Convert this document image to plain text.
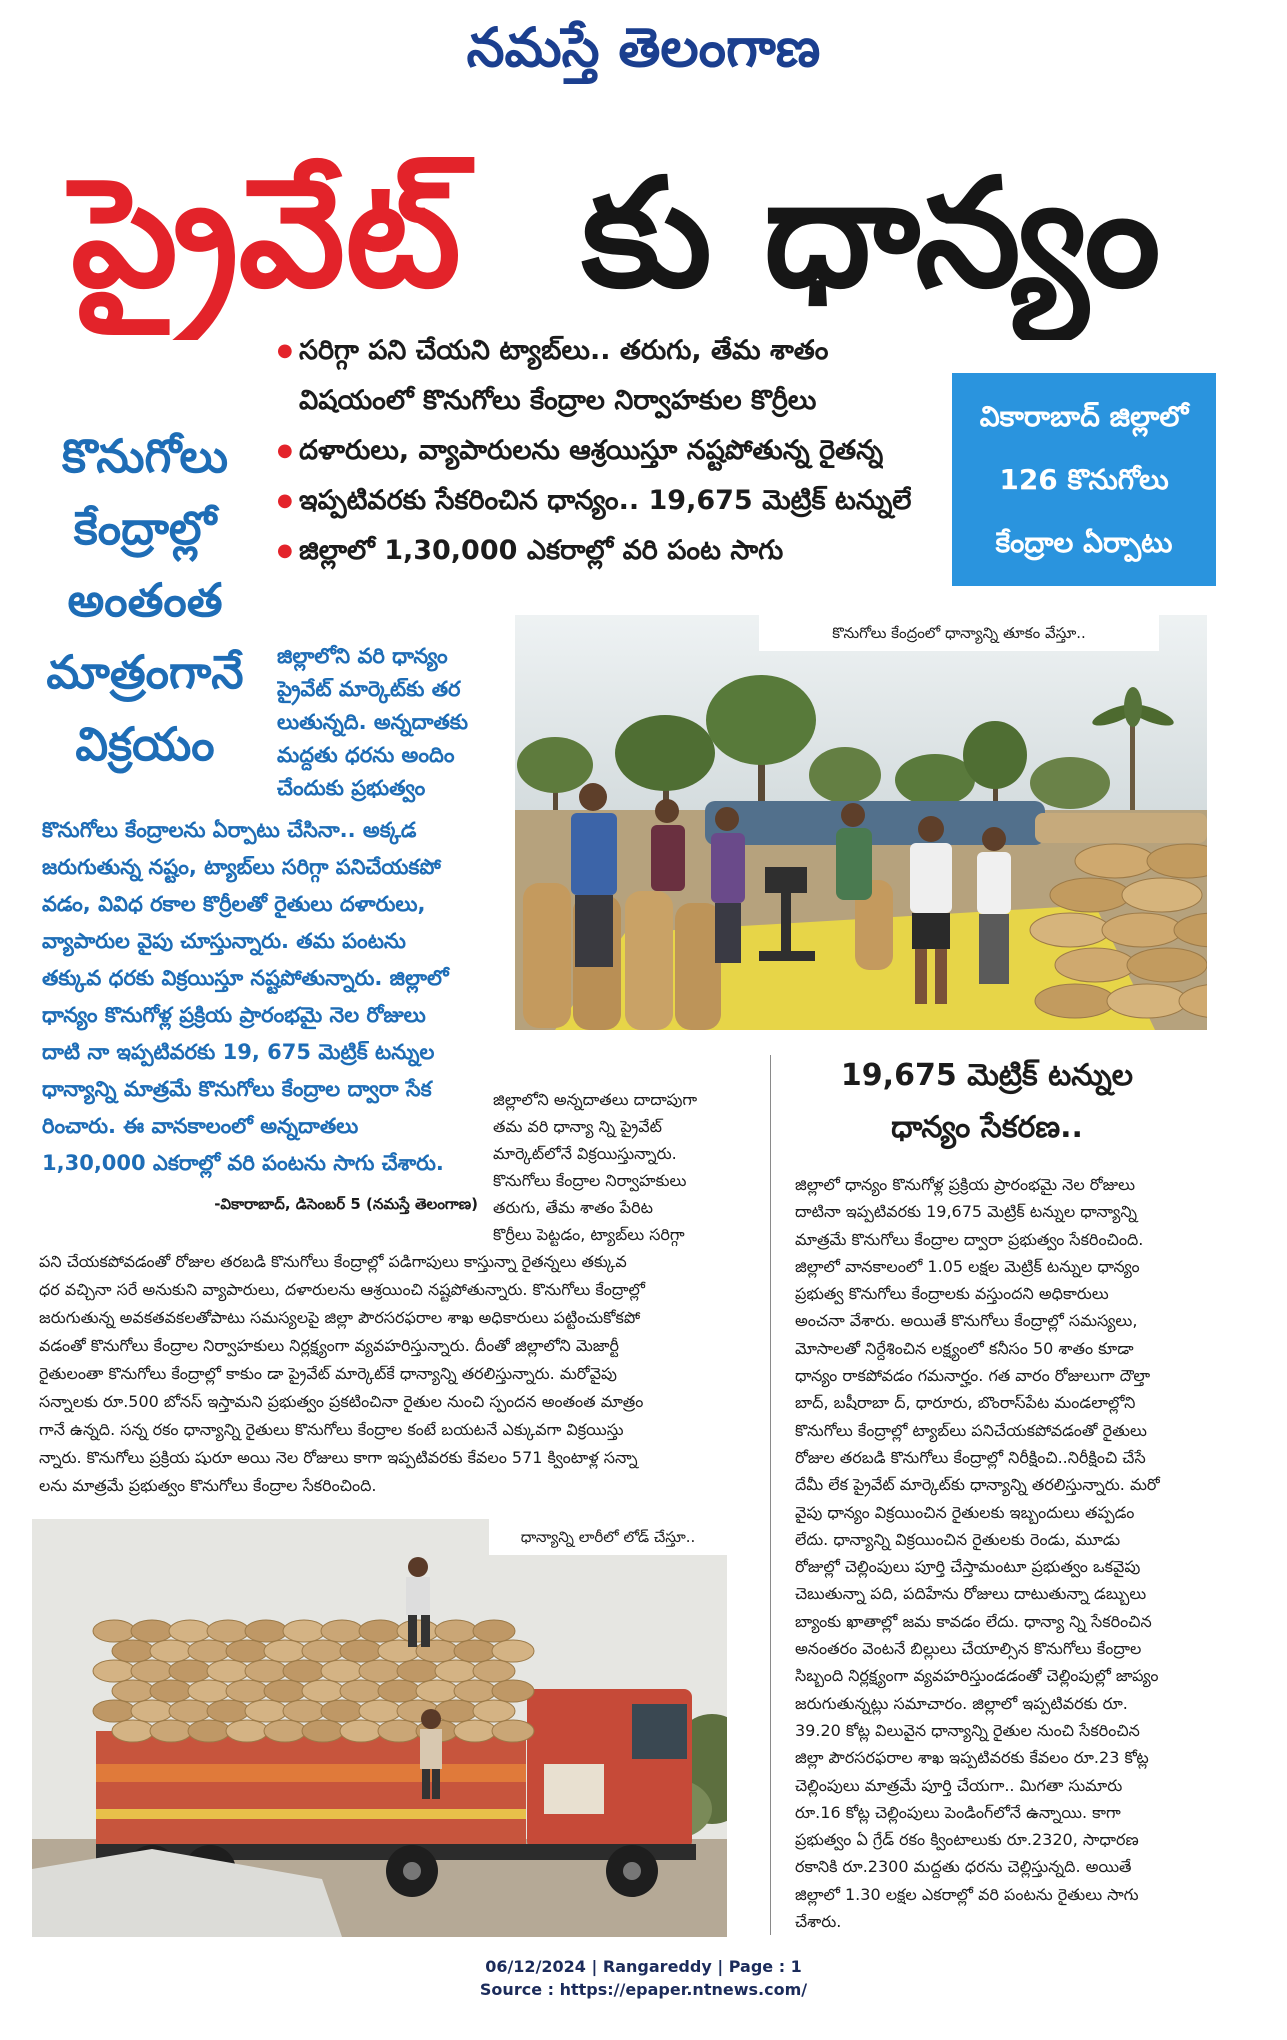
నమస్తే తెలంగాణ
ప్రైవేట్ కు ధాన్యం
● సరిగ్గా పని చేయని ట్యాబ్‌లు.. తరుగు, తేమ శాతం
విషయంలో కొనుగోలు కేంద్రాల నిర్వాహకుల కొర్రీలు
● దళారులు, వ్యాపారులను ఆశ్రయిస్తూ నష్టపోతున్న రైతన్న
● ఇప్పటివరకు సేకరించిన ధాన్యం.. 19,675 మెట్రిక్ టన్నులే
● జిల్లాలో 1,30,000 ఎకరాల్లో వరి పంట సాగు
వికారాబాద్ జిల్లాలో
126 కొనుగోలు
కేంద్రాల ఏర్పాటు
కొనుగోలు
కేంద్రాల్లో
అంతంత
మాత్రంగానే
విక్రయం
జిల్లాలోని వరి ధాన్యం
ప్రైవేట్ మార్కెట్‌కు తర
లుతున్నది. అన్నదాతకు
మద్దతు ధరను అందిం
చేందుకు ప్రభుత్వం
కొనుగోలు కేంద్రాలను ఏర్పాటు చేసినా.. అక్కడ
జరుగుతున్న నష్టం, ట్యాబ్‌లు సరిగ్గా పనిచేయకపో
వడం, వివిధ రకాల కొర్రీలతో రైతులు దళారులు,
వ్యాపారుల వైపు చూస్తున్నారు. తమ పంటను
తక్కువ ధరకు విక్రయిస్తూ నష్టపోతున్నారు. జిల్లాలో
ధాన్యం కొనుగోళ్ల ప్రక్రియ ప్రారంభమై నెల రోజులు
దాటి నా ఇప్పటివరకు 19, 675 మెట్రిక్ టన్నుల
ధాన్యాన్ని మాత్రమే కొనుగోలు కేంద్రాల ద్వారా సేక
రించారు. ఈ వానకాలంలో అన్నదాతలు
1,30,000 ఎకరాల్లో వరి పంటను సాగు చేశారు.
-వికారాబాద్, డిసెంబర్ 5 (నమస్తే తెలంగాణ)
కొనుగోలు కేంద్రంలో ధాన్యాన్ని తూకం వేస్తూ..
19,675 మెట్రిక్ టన్నుల
ధాన్యం సేకరణ..
జిల్లాలోని అన్నదాతలు దాదాపుగా
తమ వరి ధాన్యా న్ని ప్రైవేట్
మార్కెట్‌లోనే విక్రయిస్తున్నారు.
కొనుగోలు కేంద్రాల నిర్వాహకులు
తరుగు, తేమ శాతం పేరిట
కొర్రీలు పెట్టడం, ట్యాబ్‌లు సరిగ్గా
పని చేయకపోవడంతో రోజుల తరబడి కొనుగోలు కేంద్రాల్లో పడిగాపులు కాస్తున్నా రైతన్నలు తక్కువ
ధర వచ్చినా సరే అనుకుని వ్యాపారులు, దళారులను ఆశ్రయించి నష్టపోతున్నారు. కొనుగోలు కేంద్రాల్లో
జరుగుతున్న అవకతవకలతోపాటు సమస్యలపై జిల్లా పౌరసరఫరాల శాఖ అధికారులు పట్టించుకోకపో
వడంతో కొనుగోలు కేంద్రాల నిర్వాహకులు నిర్లక్ష్యంగా వ్యవహరిస్తున్నారు. దీంతో జిల్లాలోని మెజార్టీ
రైతులంతా కొనుగోలు కేంద్రాల్లో కాకుం డా ప్రైవేట్ మార్కెట్‌కే ధాన్యాన్ని తరలిస్తున్నారు. మరోవైపు
సన్నాలకు రూ.500 బోనస్ ఇస్తామని ప్రభుత్వం ప్రకటించినా రైతుల నుంచి స్పందన అంతంత మాత్రం
గానే ఉన్నది. సన్న రకం ధాన్యాన్ని రైతులు కొనుగోలు కేంద్రాల కంటే బయటనే ఎక్కువగా విక్రయిస్తు
న్నారు. కొనుగోలు ప్రక్రియ షురూ అయి నెల రోజులు కాగా ఇప్పటివరకు కేవలం 571 క్వింటాళ్ల సన్నా
లను మాత్రమే ప్రభుత్వం కొనుగోలు కేంద్రాల సేకరించింది.
ధాన్యాన్ని లారీలో లోడ్ చేస్తూ..
జిల్లాలో ధాన్యం కొనుగోళ్ల ప్రక్రియ ప్రారంభమై నెల రోజులు
దాటినా ఇప్పటివరకు 19,675 మెట్రిక్ టన్నుల ధాన్యాన్ని
మాత్రమే కొనుగోలు కేంద్రాల ద్వారా ప్రభుత్వం సేకరించింది.
జిల్లాలో వానకాలంలో 1.05 లక్షల మెట్రిక్ టన్నుల ధాన్యం
ప్రభుత్వ కొనుగోలు కేంద్రాలకు వస్తుందని అధికారులు
అంచనా వేశారు. అయితే కొనుగోలు కేంద్రాల్లో సమస్యలు,
మోసాలతో నిర్దేశించిన లక్ష్యంలో కనీసం 50 శాతం కూడా
ధాన్యం రాకపోవడం గమనార్హం. గత వారం రోజులుగా దౌల్తా
బాద్, బషీరాబా ద్, ధారూరు, బొంరాస్‌పేట మండలాల్లోని
కొనుగోలు కేంద్రాల్లో ట్యాబ్‌లు పనిచేయకపోవడంతో రైతులు
రోజుల తరబడి కొనుగోలు కేంద్రాల్లో నిరీక్షించి..నిరీక్షించి చేసే
దేమీ లేక ప్రైవేట్ మార్కెట్‌కు ధాన్యాన్ని తరలిస్తున్నారు. మరో
వైపు ధాన్యం విక్రయించిన రైతులకు ఇబ్బందులు తప్పడం
లేదు. ధాన్యాన్ని విక్రయించిన రైతులకు రెండు, మూడు
రోజుల్లో చెల్లింపులు పూర్తి చేస్తామంటూ ప్రభుత్వం ఒకవైపు
చెబుతున్నా పది, పదిహేను రోజులు దాటుతున్నా డబ్బులు
బ్యాంకు ఖాతాల్లో జమ కావడం లేదు. ధాన్యా న్ని సేకరించిన
అనంతరం వెంటనే బిల్లులు చేయాల్సిన కొనుగోలు కేంద్రాల
సిబ్బంది నిర్లక్ష్యంగా వ్యవహరిస్తుండడంతో చెల్లింపుల్లో జాప్యం
జరుగుతున్నట్లు సమాచారం. జిల్లాలో ఇప్పటివరకు రూ.
39.20 కోట్ల విలువైన ధాన్యాన్ని రైతుల నుంచి సేకరించిన
జిల్లా పౌరసరఫరాల శాఖ ఇప్పటివరకు కేవలం రూ.23 కోట్ల
చెల్లింపులు మాత్రమే పూర్తి చేయగా.. మిగతా సుమారు
రూ.16 కోట్ల చెల్లింపులు పెండింగ్‌లోనే ఉన్నాయి. కాగా
ప్రభుత్వం ఏ గ్రేడ్ రకం క్వింటాలుకు రూ.2320, సాధారణ
రకానికి రూ.2300 మద్దతు ధరను చెల్లిస్తున్నది. అయితే
జిల్లాలో 1.30 లక్షల ఎకరాల్లో వరి పంటను రైతులు సాగు
చేశారు.
06/12/2024 | Rangareddy | Page : 1
Source : https://epaper.ntnews.com/
